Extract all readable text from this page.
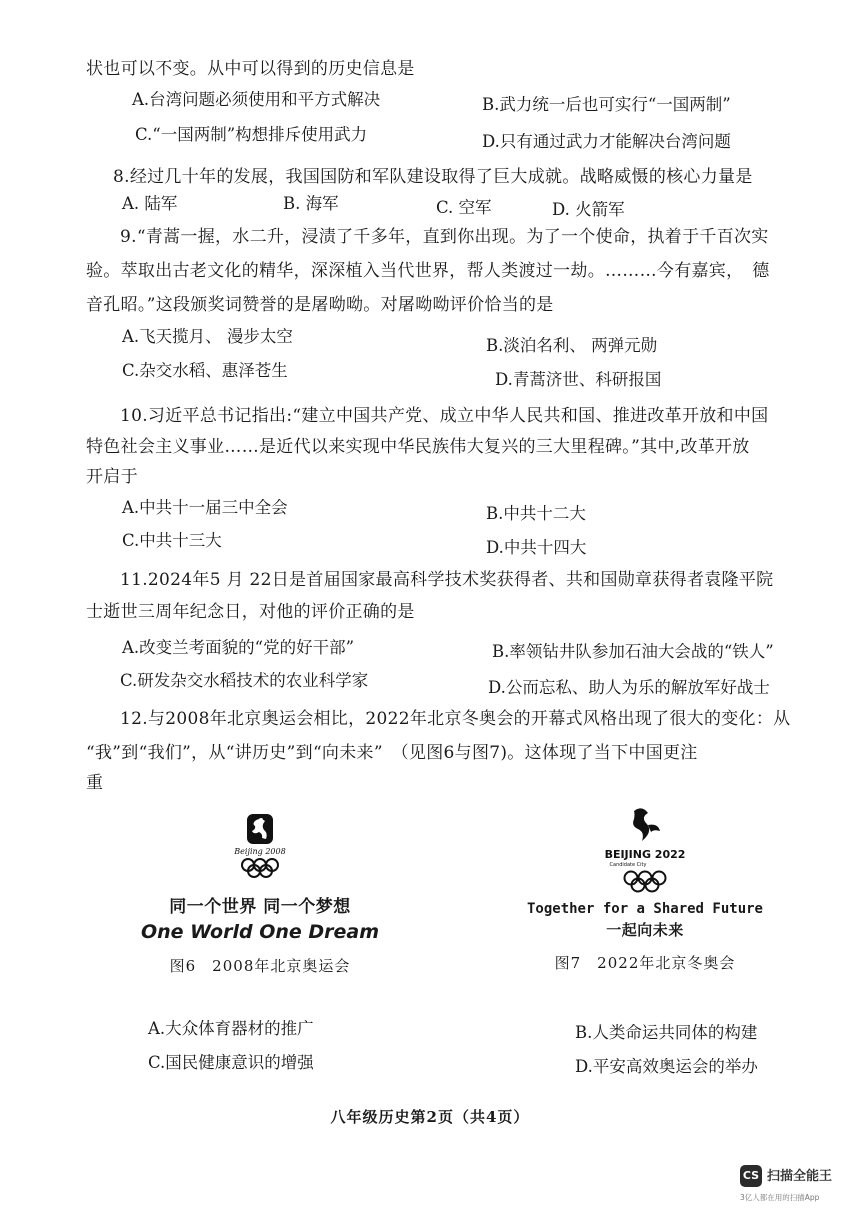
状也可以不变。从中可以得到的历史信息是
A.台湾问题必须使用和平方式解决	B.武力统一后也可实行“一国两制”
C.“一国两制”构想排斥使用武力	D.只有通过武力才能解决台湾问题
8.经过几十年的发展，我国国防和军队建设取得了巨大成就。战略威慑的核心力量是
A. 陆军	B. 海军	C. 空军	D. 火箭军
9.“青蒿一握，水二升，浸渍了千多年，直到你出现。为了一个使命，执着于千百次实
验。萃取出古老文化的精华，深深植入当代世界，帮人类渡过一劫。………今有嘉宾，　德
音孔昭。”这段颁奖词赞誉的是屠呦呦。对屠呦呦评价恰当的是
A.飞天揽月、 漫步太空	B.淡泊名利、 两弹元勋
C.杂交水稻、惠泽苍生	D.青蒿济世、科研报国
10.习近平总书记指出:“建立中国共产党、成立中华人民共和国、推进改革开放和中国
特色社会主义事业……是近代以来实现中华民族伟大复兴的三大里程碑。”其中,改革开放
开启于
A.中共十一届三中全会	B.中共十二大
C.中共十三大	D.中共十四大
11.2024年5 月 22日是首届国家最高科学技术奖获得者、共和国勋章获得者袁隆平院
士逝世三周年纪念日，对他的评价正确的是
A.改变兰考面貌的“党的好干部”	B.率领钻井队参加石油大会战的“铁人”
C.研发杂交水稻技术的农业科学家	D.公而忘私、助人为乐的解放军好战士
12.与2008年北京奥运会相比，2022年北京冬奥会的开幕式风格出现了很大的变化：从
“我”到“我们”，从“讲历史”到“向未来”　（见图6与图7)。这体现了当下中国更注
重
Beijing 2008
同一个世界 同一个梦想
One World One Dream
图6　2008年北京奥运会
BEIJING 2022
Candidate City
Together for a Shared Future
一起向未来
图7　2022年北京冬奥会
A.大众体育器材的推广	B.人类命运共同体的构建
C.国民健康意识的增强	D.平安高效奥运会的举办
八年级历史第2页（共4页）
CS 扫描全能王
3亿人都在用的扫描App
